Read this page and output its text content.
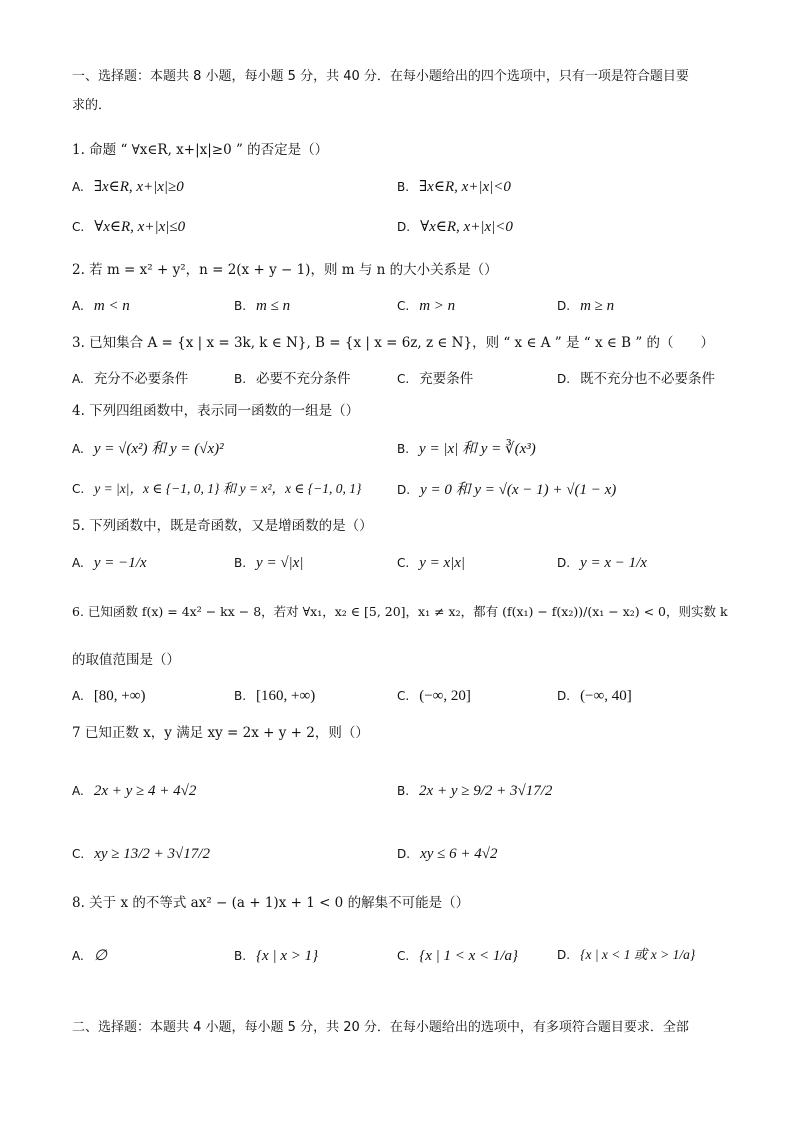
一、选择题：本题共 8 小题，每小题 5 分，共 40 分．在每小题给出的四个选项中，只有一项是符合题目要
求的．
1. 命题 “ ∀x∈R, x+|x|≥0 ” 的否定是（）
A. ∃x∈R, x+|x|≥0	B. ∃x∈R, x+|x|<0
C. ∀x∈R, x+|x|≤0	D. ∀x∈R, x+|x|<0
2. 若 m = x² + y²，n = 2(x + y − 1)，则 m 与 n 的大小关系是（）
A. m < n	B. m ≤ n	C. m > n	D. m ≥ n
3. 已知集合 A = {x | x = 3k, k ∈ N}, B = {x | x = 6z, z ∈ N}，则 “ x ∈ A ” 是 “ x ∈ B ” 的（　　）
A. 充分不必要条件	B. 必要不充分条件	C. 充要条件	D. 既不充分也不必要条件
4. 下列四组函数中，表示同一函数的一组是（）
A. y = √(x²) 和 y = (√x)²	B. y = |x| 和 y = ∛(x³)
C. y = |x|，x ∈ {−1, 0, 1} 和 y = x²，x ∈ {−1, 0, 1}	D. y = 0 和 y = √(x − 1) + √(1 − x)
5. 下列函数中，既是奇函数，又是增函数的是（）
A. y = −1/x	B. y = √|x|	C. y = x|x|	D. y = x − 1/x
6. 已知函数 f(x) = 4x² − kx − 8，若对 ∀x₁，x₂ ∈ [5, 20]，x₁ ≠ x₂，都有 (f(x₁) − f(x₂))/(x₁ − x₂) < 0，则实数 k
的取值范围是（）
A. [80, +∞)	B. [160, +∞)	C. (−∞, 20]	D. (−∞, 40]
7 已知正数 x，y 满足 xy = 2x + y + 2，则（）
A. 2x + y ≥ 4 + 4√2	B. 2x + y ≥ 9/2 + 3√17/2
C. xy ≥ 13/2 + 3√17/2	D. xy ≤ 6 + 4√2
8. 关于 x 的不等式 ax² − (a + 1)x + 1 < 0 的解集不可能是（）
A. ∅	B. {x | x > 1}	C. {x | 1 < x < 1/a}	D. {x | x < 1 或 x > 1/a}
二、选择题：本题共 4 小题，每小题 5 分，共 20 分．在每小题给出的选项中，有多项符合题目要求．全部
